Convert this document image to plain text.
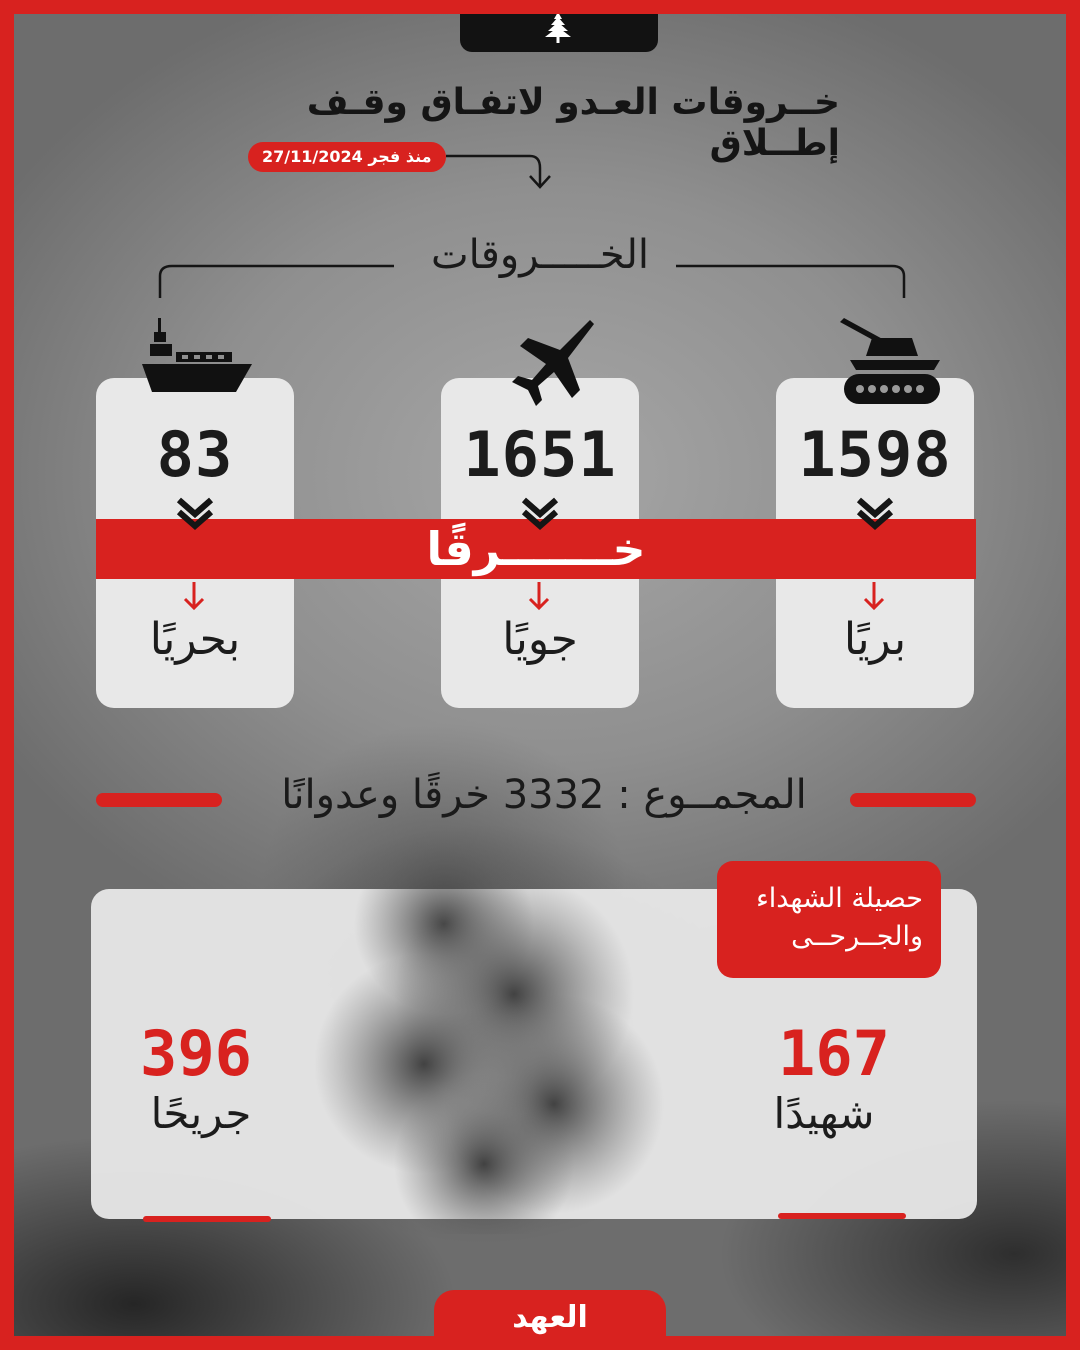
خــروقات العـدو لاتفـاق وقـف إطــلاق
منذ فجر 27/11/2024
الخـــــروقات
83
بحريًا
1651
جويًا
1598
بريًا
خـــــــرقًا
المجمــوع : 3332 خرقًا وعدوانًا
حصيلة الشهداء
والجــرحــى
167
شهيدًا
396
جريحًا
العهد
